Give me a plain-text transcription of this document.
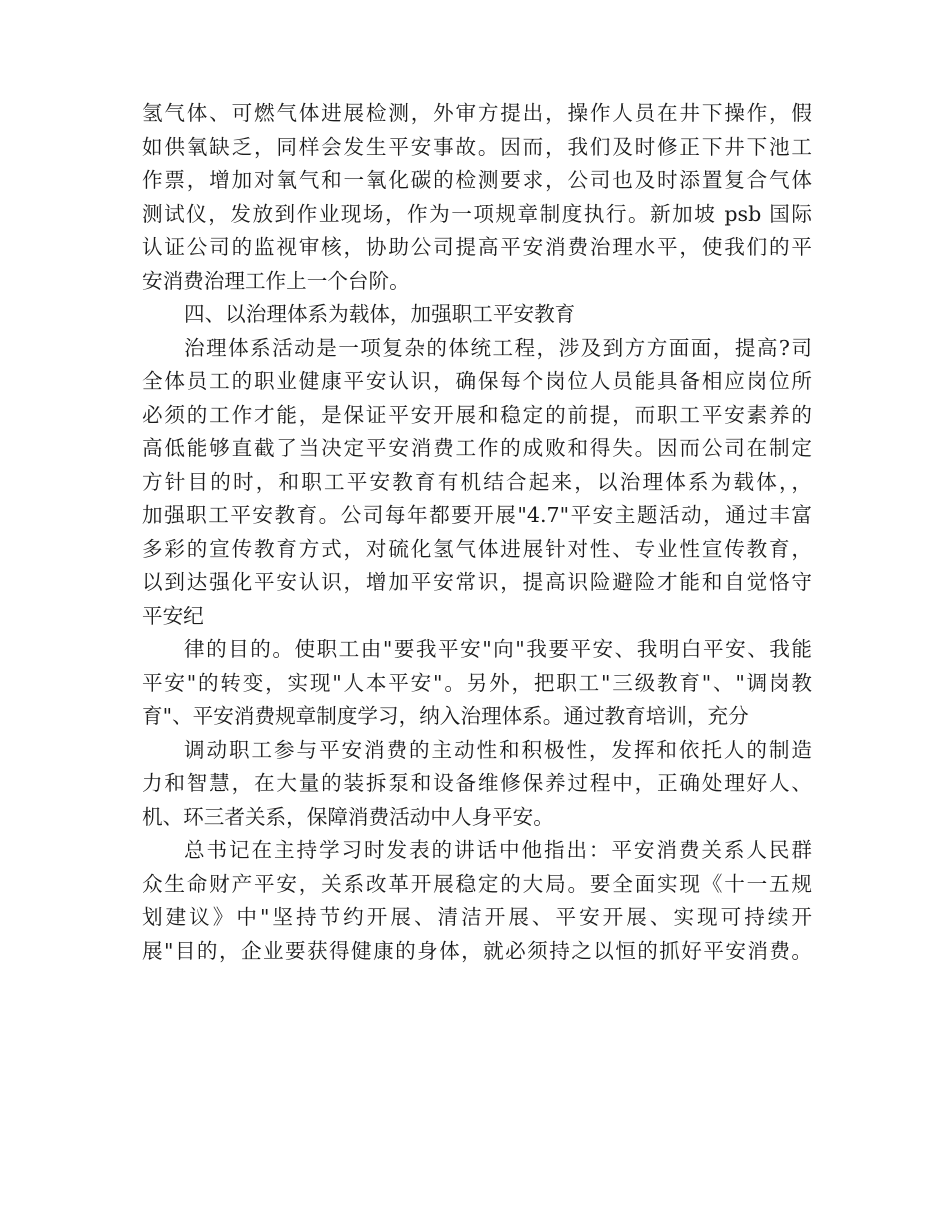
氢气体、可燃气体进展检测，外审方提出，操作人员在井下操作，假
如供氧缺乏，同样会发生平安事故。因而，我们及时修正下井下池工
作票，增加对氧气和一氧化碳的检测要求，公司也及时添置复合气体
测试仪，发放到作业现场，作为一项规章制度执行。新加坡 psb 国际
认证公司的监视审核，协助公司提高平安消费治理水平，使我们的平
安消费治理工作上一个台阶。
四、以治理体系为载体，加强职工平安教育
治理体系活动是一项复杂的体统工程，涉及到方方面面，提高?司
全体员工的职业健康平安认识，确保每个岗位人员能具备相应岗位所
必须的工作才能，是保证平安开展和稳定的前提，而职工平安素养的
高低能够直截了当决定平安消费工作的成败和得失。因而公司在制定
方针目的时，和职工平安教育有机结合起来，以治理体系为载体，，
加强职工平安教育。公司每年都要开展"4.7"平安主题活动，通过丰富
多彩的宣传教育方式，对硫化氢气体进展针对性、专业性宣传教育，
以到达强化平安认识，增加平安常识，提高识险避险才能和自觉恪守
平安纪
律的目的。使职工由"要我平安"向"我要平安、我明白平安、我能
平安"的转变，实现"人本平安"。另外，把职工"三级教育"、"调岗教
育"、平安消费规章制度学习，纳入治理体系。通过教育培训，充分
调动职工参与平安消费的主动性和积极性，发挥和依托人的制造
力和智慧，在大量的装拆泵和设备维修保养过程中，正确处理好人、
机、环三者关系，保障消费活动中人身平安。
总书记在主持学习时发表的讲话中他指出：平安消费关系人民群
众生命财产平安，关系改革开展稳定的大局。要全面实现《十一五规
划建议》中"坚持节约开展、清洁开展、平安开展、实现可持续开
展"目的，企业要获得健康的身体，就必须持之以恒的抓好平安消费。
